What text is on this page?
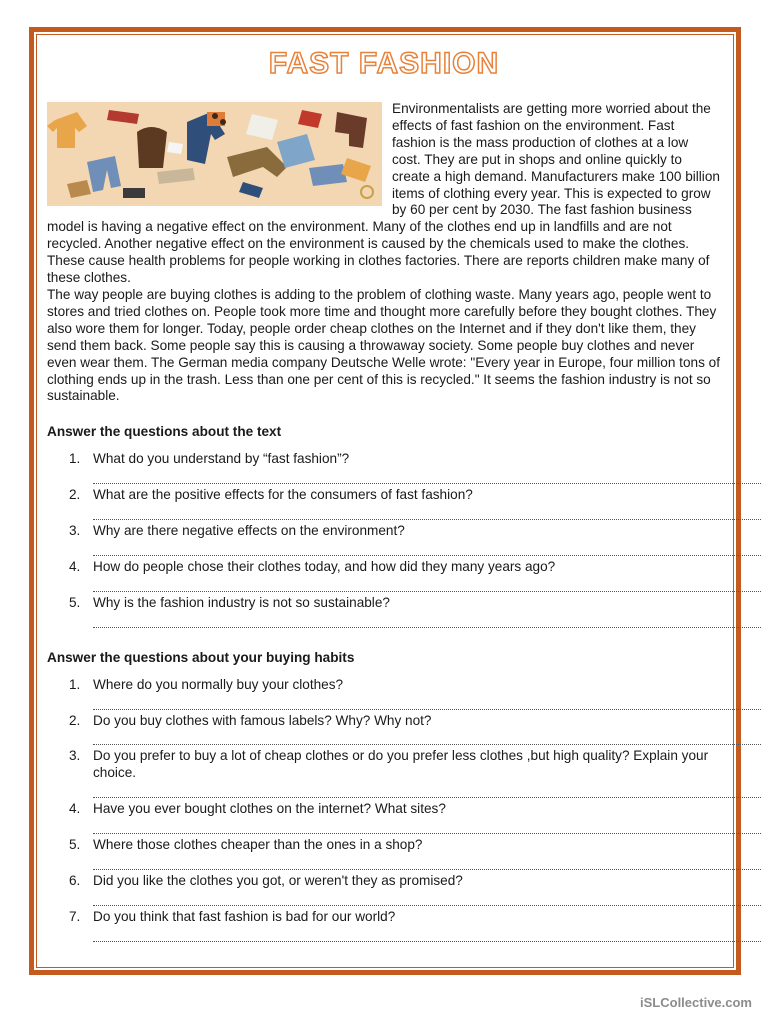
FAST FASHION

Environmentalists are getting more worried about the effects of fast fashion on the environment. Fast fashion is the mass production of clothes at a low cost. They are put in shops and online quickly to create a high demand. Manufacturers make 100 billion items of clothing every year. This is expected to grow by 60 per cent by 2030. The fast fashion business model is having a negative effect on the environment. Many of the clothes end up in landfills and are not recycled. Another negative effect on the environment is caused by the chemicals used to make the clothes. These cause health problems for people working in clothes factories. There are reports children make many of these clothes.

The way people are buying clothes is adding to the problem of clothing waste. Many years ago, people went to stores and tried clothes on. People took more time and thought more carefully before they bought clothes. They also wore them for longer. Today, people order cheap clothes on the Internet and if they don't like them, they send them back. Some people say this is causing a throwaway society. Some people buy clothes and never even wear them. The German media company Deutsche Welle wrote: "Every year in Europe, four million tons of clothing ends up in the trash. Less than one per cent of this is recycled." It seems the fashion industry is not so sustainable.

Answer the questions about the text

1. What do you understand by “fast fashion”?
2. What are the positive effects for the consumers of fast fashion?
3. Why are there negative effects on the environment?
4. How do people chose their clothes today, and how did they many years ago?
5. Why is the fashion industry is not so sustainable?

Answer the questions about your buying habits

1. Where do you normally buy your clothes?
2. Do you buy clothes with famous labels? Why? Why not?
3. Do you prefer to buy a lot of cheap clothes or do you prefer less clothes ,but high quality? Explain your choice.
4. Have you ever bought clothes on the internet? What sites?
5. Where those clothes cheaper than the ones in a shop?
6. Did you like the clothes you got, or weren't they as promised?
7. Do you think that fast fashion is bad for our world?
iSLCollective.com
